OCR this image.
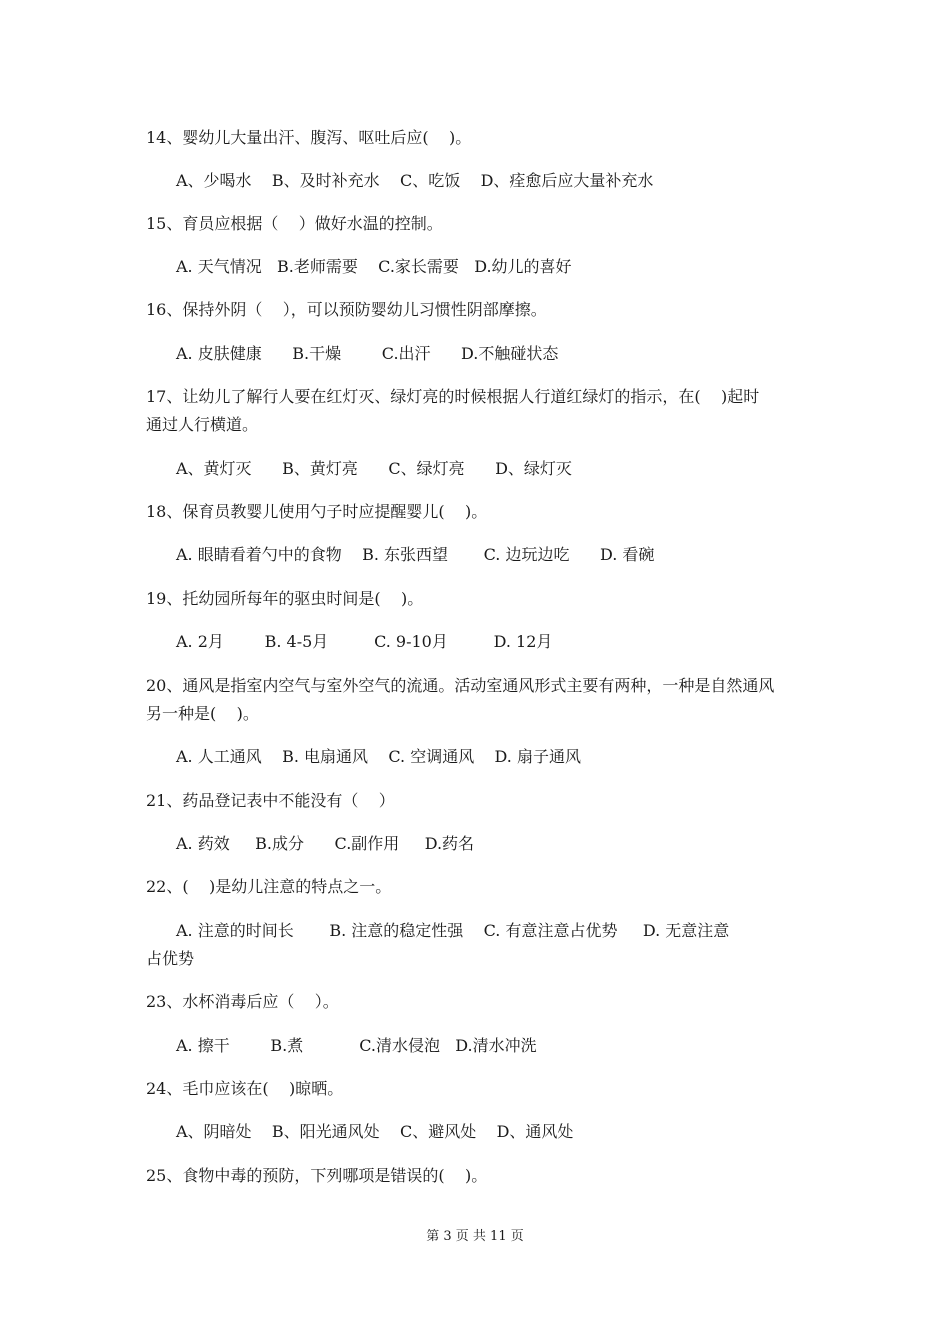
14、婴幼儿大量出汗、腹泻、呕吐后应(    )。
A、少喝水    B、及时补充水    C、吃饭    D、痊愈后应大量补充水
15、育员应根据（    ）做好水温的控制。
A. 天气情况   B.老师需要    C.家长需要   D.幼儿的喜好
16、保持外阴（    ），可以预防婴幼儿习惯性阴部摩擦。
A. 皮肤健康      B.干燥        C.出汗      D.不触碰状态
17、让幼儿了解行人要在红灯灭、绿灯亮的时候根据人行道红绿灯的指示，在(    )起时
通过人行横道。
A、黄灯灭      B、黄灯亮      C、绿灯亮      D、绿灯灭
18、保育员教婴儿使用勺子时应提醒婴儿(    )。
A. 眼睛看着勺中的食物    B. 东张西望       C. 边玩边吃      D. 看碗
19、托幼园所每年的驱虫时间是(    )。
A. 2月        B. 4-5月         C. 9-10月         D. 12月
20、通风是指室内空气与室外空气的流通。活动室通风形式主要有两种，一种是自然通风
另一种是(    )。
A. 人工通风    B. 电扇通风    C. 空调通风    D. 扇子通风
21、药品登记表中不能没有（    ）
A. 药效     B.成分      C.副作用     D.药名
22、(    )是幼儿注意的特点之一。
A. 注意的时间长       B. 注意的稳定性强    C. 有意注意占优势     D. 无意注意
占优势
23、水杯消毒后应（    ）。
A. 擦干        B.煮           C.清水侵泡   D.清水冲洗
24、毛巾应该在(    )晾晒。
A、阴暗处    B、阳光通风处    C、避风处    D、通风处
25、食物中毒的预防，下列哪项是错误的(    )。
第 3 页 共 11 页
